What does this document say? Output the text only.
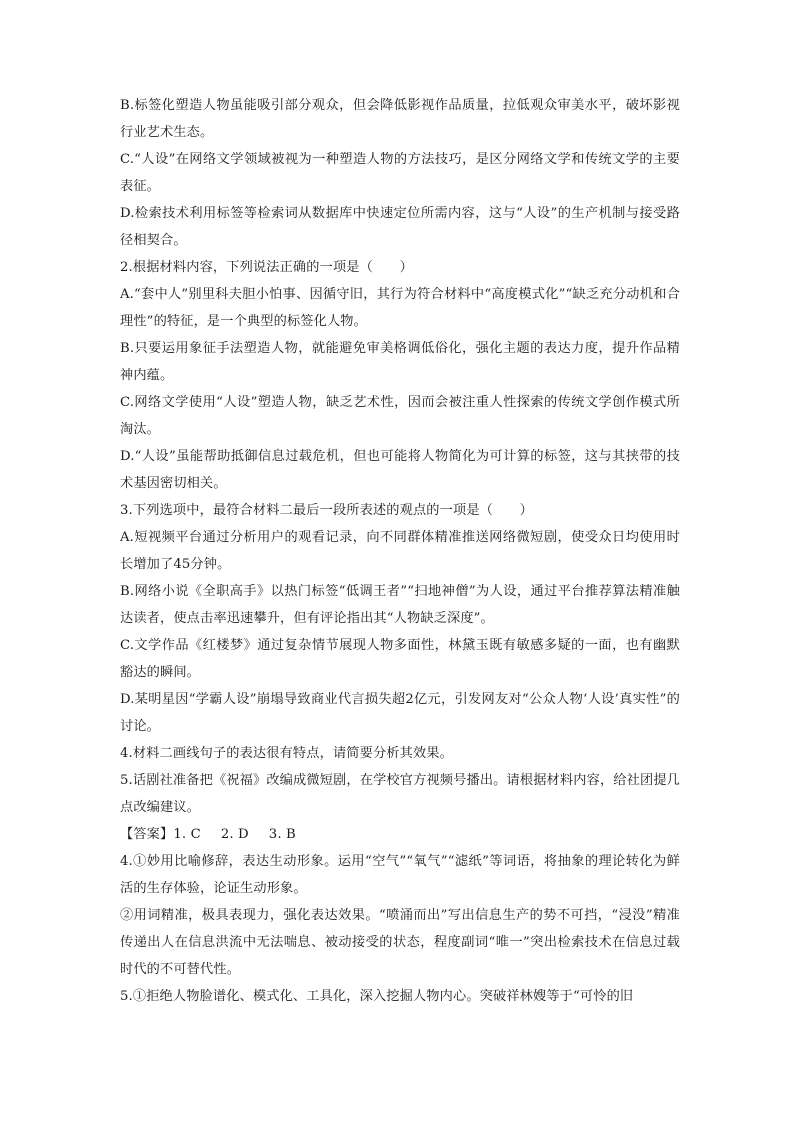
B.标签化塑造人物虽能吸引部分观众，但会降低影视作品质量，拉低观众审美水平，破坏影视行业艺术生态。

C.“人设”在网络文学领域被视为一种塑造人物的方法技巧，是区分网络文学和传统文学的主要表征。

D.检索技术利用标签等检索词从数据库中快速定位所需内容，这与“人设”的生产机制与接受路径相契合。

2.根据材料内容，下列说法正确的一项是（　　）

A.“套中人”别里科夫胆小怕事、因循守旧，其行为符合材料中“高度模式化”“缺乏充分动机和合理性”的特征，是一个典型的标签化人物。

B.只要运用象征手法塑造人物，就能避免审美格调低俗化，强化主题的表达力度，提升作品精神内蕴。

C.网络文学使用“人设”塑造人物，缺乏艺术性，因而会被注重人性探索的传统文学创作模式所淘汰。

D.“人设”虽能帮助抵御信息过载危机，但也可能将人物简化为可计算的标签，这与其挟带的技术基因密切相关。

3.下列选项中，最符合材料二最后一段所表述的观点的一项是（　　）

A.短视频平台通过分析用户的观看记录，向不同群体精准推送网络微短剧，使受众日均使用时长增加了45分钟。

B.网络小说《全职高手》以热门标签“低调王者”“扫地神僧”为人设，通过平台推荐算法精准触达读者，使点击率迅速攀升，但有评论指出其“人物缺乏深度”。

C.文学作品《红楼梦》通过复杂情节展现人物多面性，林黛玉既有敏感多疑的一面，也有幽默豁达的瞬间。

D.某明星因“学霸人设”崩塌导致商业代言损失超2亿元，引发网友对“公众人物‘人设’真实性”的讨论。

4.材料二画线句子的表达很有特点，请简要分析其效果。

5.话剧社准备把《祝福》改编成微短剧，在学校官方视频号播出。请根据材料内容，给社团提几点改编建议。

【答案】1. C 2. D 3. B

4.①妙用比喻修辞，表达生动形象。运用“空气”“氧气”“滤纸”等词语，将抽象的理论转化为鲜活的生存体验，论证生动形象。

②用词精准，极具表现力，强化表达效果。“喷涌而出”写出信息生产的势不可挡，“浸没”精准传递出人在信息洪流中无法喘息、被动接受的状态，程度副词“唯一”突出检索技术在信息过载时代的不可替代性。

5.①拒绝人物脸谱化、模式化、工具化，深入挖掘人物内心。突破祥林嫂等于“可怜的旧
